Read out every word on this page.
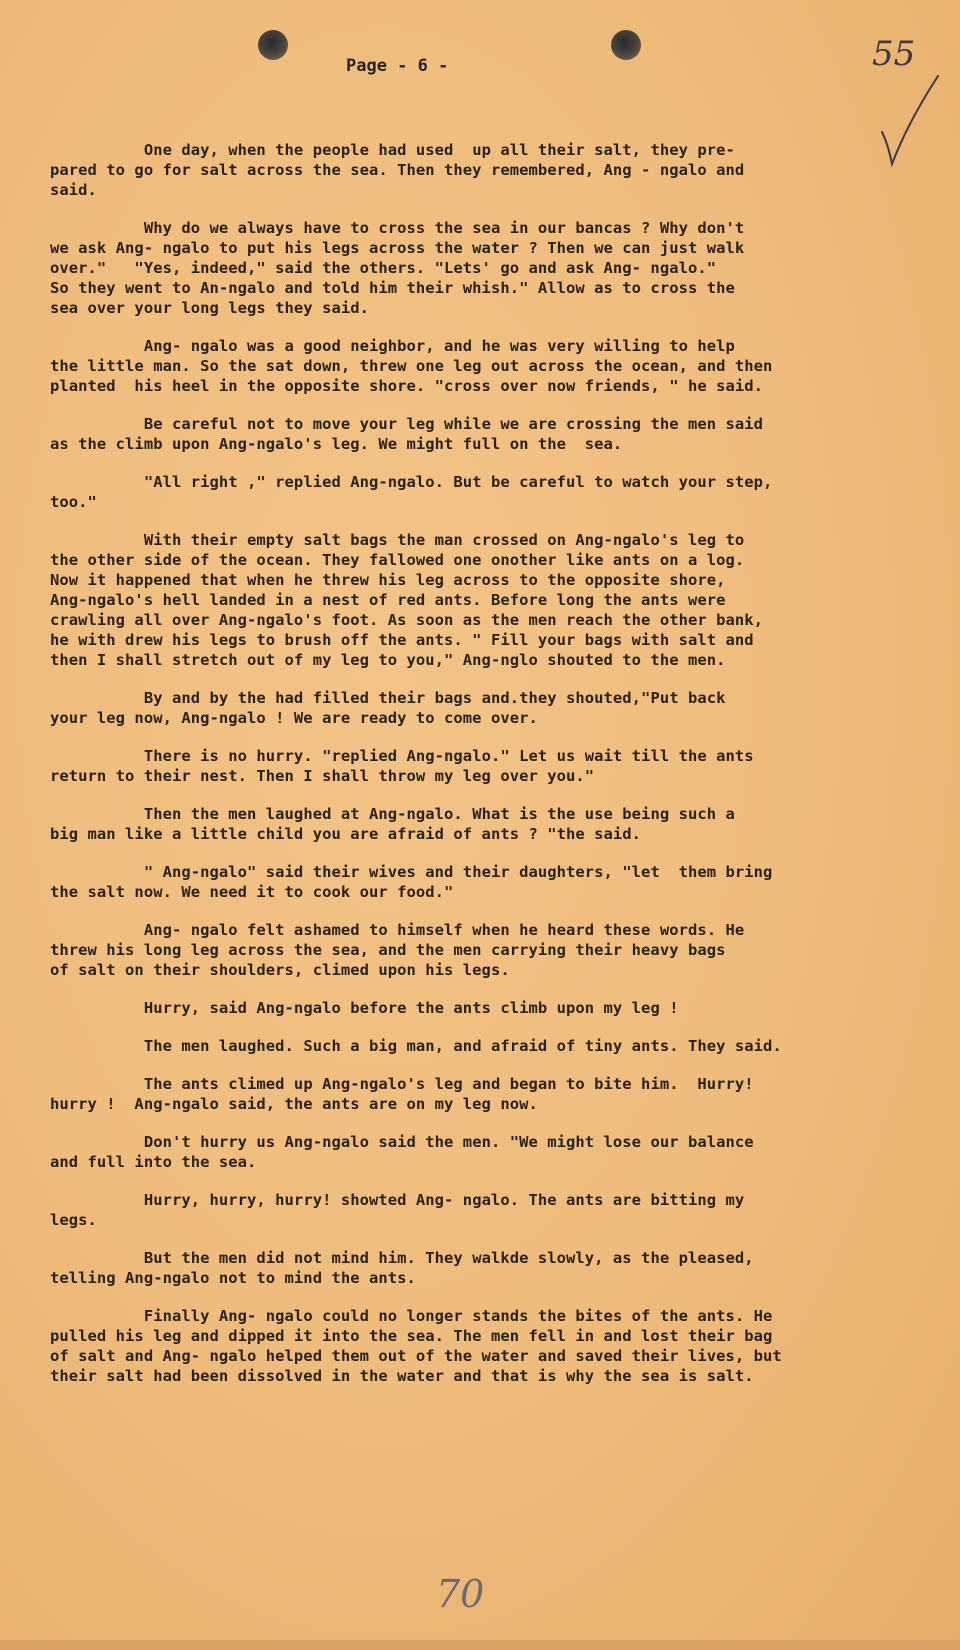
Page - 6 -	55

One day, when the people had used  up all their salt, they pre-
pared to go for salt across the sea. Then they remembered, Ang - ngalo and
said.

Why do we always have to cross the sea in our bancas ? Why don't
we ask Ang- ngalo to put his legs across the water ? Then we can just walk
over."   "Yes, indeed," said the others. "Lets' go and ask Ang- ngalo."
So they went to An-ngalo and told him their whish." Allow as to cross the
sea over your long legs they said.

Ang- ngalo was a good neighbor, and he was very willing to help
the little man. So the sat down, threw one leg out across the ocean, and then
planted  his heel in the opposite shore. "cross over now friends, " he said.

Be careful not to move your leg while we are crossing the men said
as the climb upon Ang-ngalo's leg. We might full on the  sea.

"All right ," replied Ang-ngalo. But be careful to watch your step,
too."

With their empty salt bags the man crossed on Ang-ngalo's leg to
the other side of the ocean. They fallowed one onother like ants on a log.
Now it happened that when he threw his leg across to the opposite shore,
Ang-ngalo's hell landed in a nest of red ants. Before long the ants were
crawling all over Ang-ngalo's foot. As soon as the men reach the other bank,
he with drew his legs to brush off the ants. " Fill your bags with salt and
then I shall stretch out of my leg to you," Ang-nglo shouted to the men.

By and by the had filled their bags and.they shouted,"Put back
your leg now, Ang-ngalo ! We are ready to come over.

There is no hurry. "replied Ang-ngalo." Let us wait till the ants
return to their nest. Then I shall throw my leg over you."

Then the men laughed at Ang-ngalo. What is the use being such a
big man like a little child you are afraid of ants ? "the said.

" Ang-ngalo" said their wives and their daughters, "let  them bring
the salt now. We need it to cook our food."

Ang- ngalo felt ashamed to himself when he heard these words. He
threw his long leg across the sea, and the men carrying their heavy bags
of salt on their shoulders, climed upon his legs.

Hurry, said Ang-ngalo before the ants climb upon my leg !

The men laughed. Such a big man, and afraid of tiny ants. They said.

The ants climed up Ang-ngalo's leg and began to bite him.  Hurry!
hurry !  Ang-ngalo said, the ants are on my leg now.

Don't hurry us Ang-ngalo said the men. "We might lose our balance
and full into the sea.

Hurry, hurry, hurry! showted Ang- ngalo. The ants are bitting my
legs.

But the men did not mind him. They walkde slowly, as the pleased,
telling Ang-ngalo not to mind the ants.

Finally Ang- ngalo could no longer stands the bites of the ants. He
pulled his leg and dipped it into the sea. The men fell in and lost their bag
of salt and Ang- ngalo helped them out of the water and saved their lives, but
their salt had been dissolved in the water and that is why the sea is salt.

70
